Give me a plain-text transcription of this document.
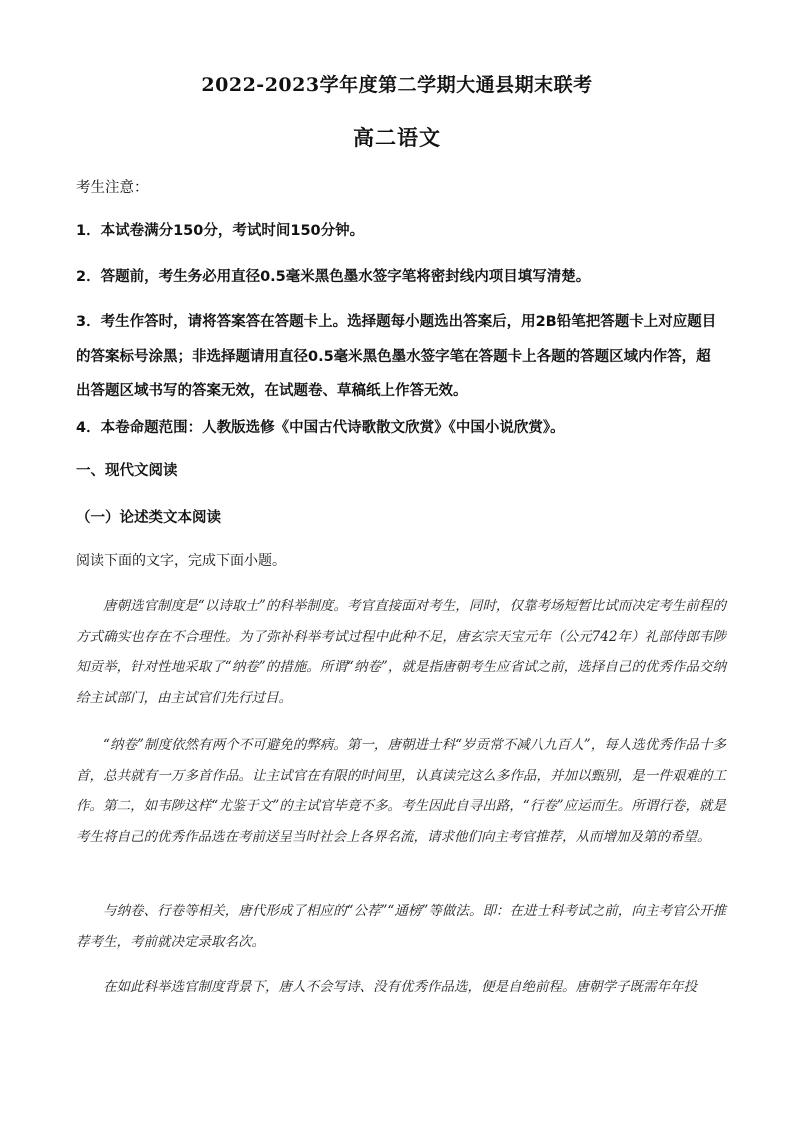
2022-2023学年度第二学期大通县期末联考
高二语文
考生注意：
1．本试卷满分150分，考试时间150分钟。
2．答题前，考生务必用直径0.5毫米黑色墨水签字笔将密封线内项目填写清楚。
3．考生作答时，请将答案答在答题卡上。选择题每小题选出答案后，用2B铅笔把答题卡上对应题目的答案标号涂黑；非选择题请用直径0.5毫米黑色墨水签字笔在答题卡上各题的答题区域内作答，超出答题区域书写的答案无效，在试题卷、草稿纸上作答无效。
4．本卷命题范围：人教版选修《中国古代诗歌散文欣赏》《中国小说欣赏》。
一、现代文阅读
（一）论述类文本阅读
阅读下面的文字，完成下面小题。
唐朝选官制度是“以诗取士”的科举制度。考官直接面对考生，同时，仅靠考场短暂比试而决定考生前程的方式确实也存在不合理性。为了弥补科举考试过程中此种不足，唐玄宗天宝元年（公元742年）礼部侍郎韦陟知贡举，针对性地采取了“纳卷”的措施。所谓“纳卷”，就是指唐朝考生应省试之前，选择自己的优秀作品交纳给主试部门，由主试官们先行过目。
“纳卷”制度依然有两个不可避免的弊病。第一，唐朝进士科“岁贡常不减八九百人”，每人选优秀作品十多首，总共就有一万多首作品。让主试官在有限的时间里，认真读完这么多作品，并加以甄别，是一件艰难的工作。第二，如韦陟这样“尤鉴于文”的主试官毕竟不多。考生因此自寻出路，“行卷”应运而生。所谓行卷，就是考生将自己的优秀作品选在考前送呈当时社会上各界名流，请求他们向主考官推荐，从而增加及第的希望。
与纳卷、行卷等相关，唐代形成了相应的“公荐”“通榜”等做法。即：在进士科考试之前，向主考官公开推荐考生，考前就决定录取名次。
在如此科举选官制度背景下，唐人不会写诗、没有优秀作品选，便是自绝前程。唐朝学子既需年年投
